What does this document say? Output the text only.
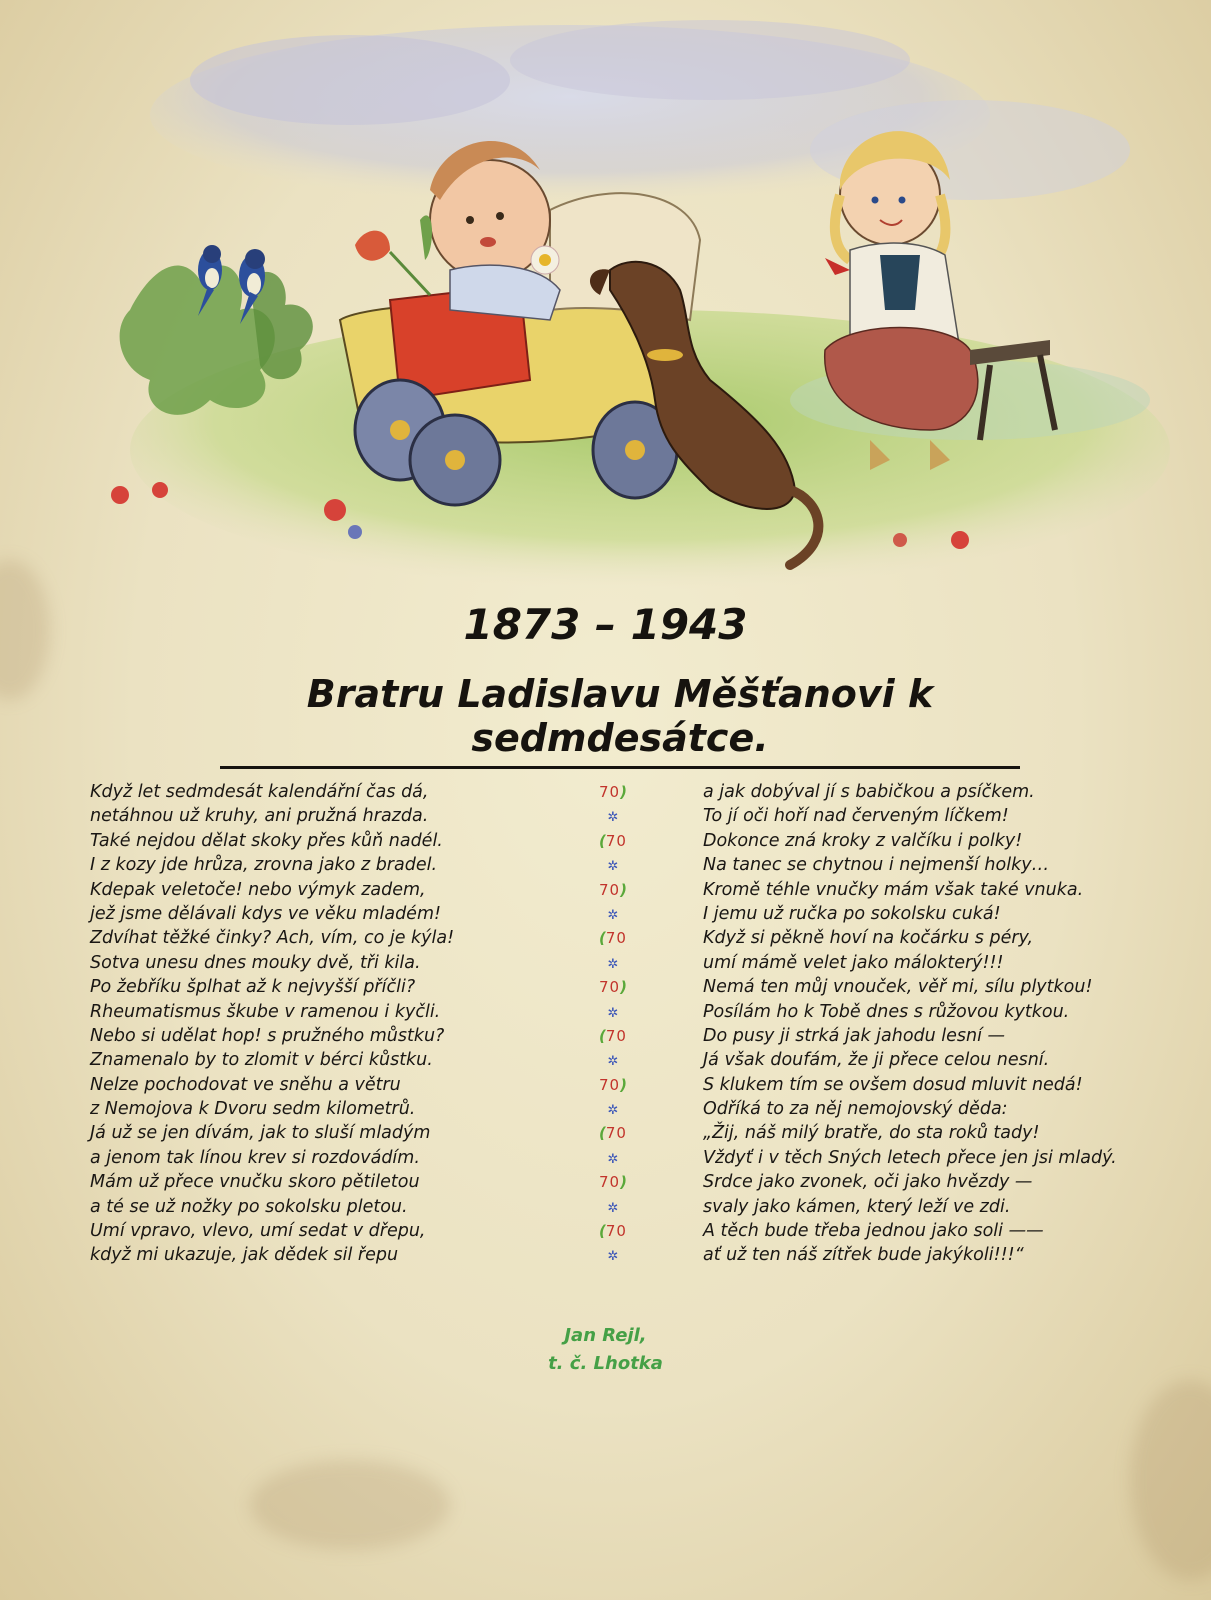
1873 – 1943
Bratru Ladislavu Měšťanovi k sedmdesátce.
Když let sedmdesát kalendářní čas dá,
netáhnou už kruhy, ani pružná hrazda.
Také nejdou dělat skoky přes kůň nadél.
I z kozy jde hrůza, zrovna jako z bradel.
Kdepak veletoče! nebo výmyk zadem,
jež jsme dělávali kdys ve věku mladém!
Zdvíhat těžké činky? Ach, vím, co je kýla!
Sotva unesu dnes mouky dvě, tři kila.
Po žebříku šplhat až k nejvyšší příčli?
Rheumatismus škube v ramenou i kyčli.
Nebo si udělat hop! s pružného můstku?
Znamenalo by to zlomit v bérci kůstku.
Nelze pochodovat ve sněhu a větru
z Nemojova k Dvoru sedm kilometrů.
Já už se jen dívám, jak to sluší mladým
a jenom tak línou krev si rozdovádím.
Mám už přece vnučku skoro pětiletou
a té se už nožky po sokolsku pletou.
Umí vpravo, vlevo, umí sedat v dřepu,
když mi ukazuje, jak dědek sil řepu
70)
✲
(70
✲
70)
✲
(70
✲
70)
✲
(70
✲
70)
✲
(70
✲
70)
✲
(70
✲
a jak dobýval jí s babičkou a psíčkem.
To jí oči hoří nad červeným líčkem!
Dokonce zná kroky z valčíku i polky!
Na tanec se chytnou i nejmenší holky…
Kromě téhle vnučky mám však také vnuka.
I jemu už ručka po sokolsku cuká!
Když si pěkně hoví na kočárku s péry,
umí mámě velet jako málokterý!!!
Nemá ten můj vnouček, věř mi, sílu plytkou!
Posílám ho k Tobě dnes s růžovou kytkou.
Do pusy ji strká jak jahodu lesní —
Já však doufám, že ji přece celou nesní.
S klukem tím se ovšem dosud mluvit nedá!
Odříká to za něj nemojovský děda:
„Žij, náš milý bratře, do sta roků tady!
Vždyť i v těch Sných letech přece jen jsi mladý.
Srdce jako zvonek, oči jako hvězdy —
svaly jako kámen, který leží ve zdi.
A těch bude třeba jednou jako soli ——
ať už ten náš zítřek bude jakýkoli!!!“
Jan Rejl,
t. č. Lhotka
